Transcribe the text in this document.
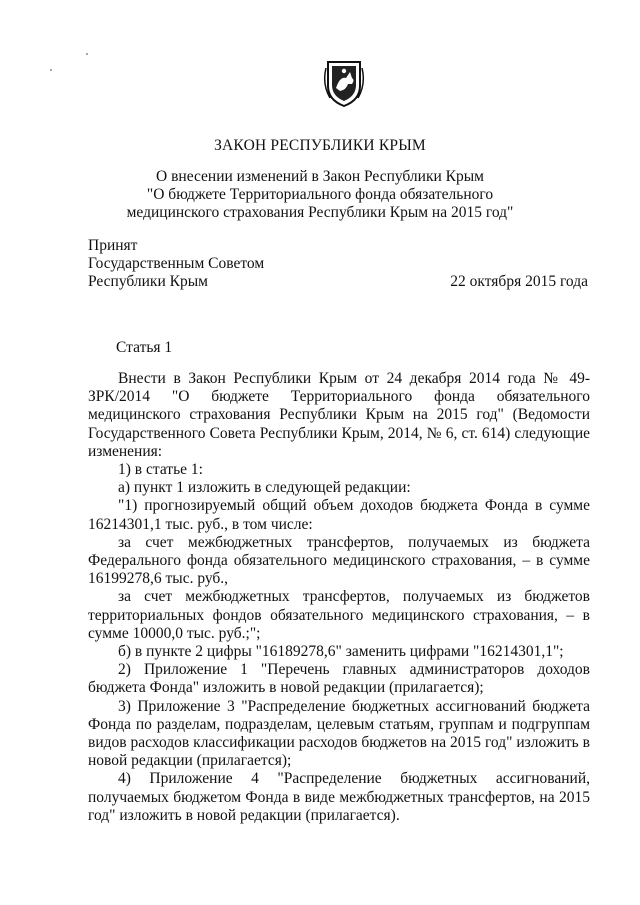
ЗАКОН РЕСПУБЛИКИ КРЫМ
О внесении изменений в Закон Республики Крым
"О бюджете Территориального фонда обязательного
медицинского страхования Республики Крым на 2015 год"
Принят
Государственным Советом
Республики Крым	22 октября 2015 года
Статья 1

Внести в Закон Республики Крым от 24 декабря 2014 года № 49-ЗРК/2014 "О бюджете Территориального фонда обязательного медицинского страхования Республики Крым на 2015 год" (Ведомости Государственного Совета Республики Крым, 2014, № 6, ст. 614) следующие изменения:

1) в статье 1:

а) пункт 1 изложить в следующей редакции:

"1) прогнозируемый общий объем доходов бюджета Фонда в сумме 16214301,1 тыс. руб., в том числе:

за счет межбюджетных трансфертов, получаемых из бюджета Федерального фонда обязательного медицинского страхования, – в сумме 16199278,6 тыс. руб.,

за счет межбюджетных трансфертов, получаемых из бюджетов территориальных фондов обязательного медицинского страхования, – в сумме 10000,0 тыс. руб.;";

б) в пункте 2 цифры "16189278,6" заменить цифрами "16214301,1";

2) Приложение 1 "Перечень главных администраторов доходов бюджета Фонда" изложить в новой редакции (прилагается);

3) Приложение 3 "Распределение бюджетных ассигнований бюджета Фонда по разделам, подразделам, целевым статьям, группам и подгруппам видов расходов классификации расходов бюджетов на 2015 год" изложить в новой редакции (прилагается);

4) Приложение 4 "Распределение бюджетных ассигнований, получаемых бюджетом Фонда в виде межбюджетных трансфертов, на 2015 год" изложить в новой редакции (прилагается).
